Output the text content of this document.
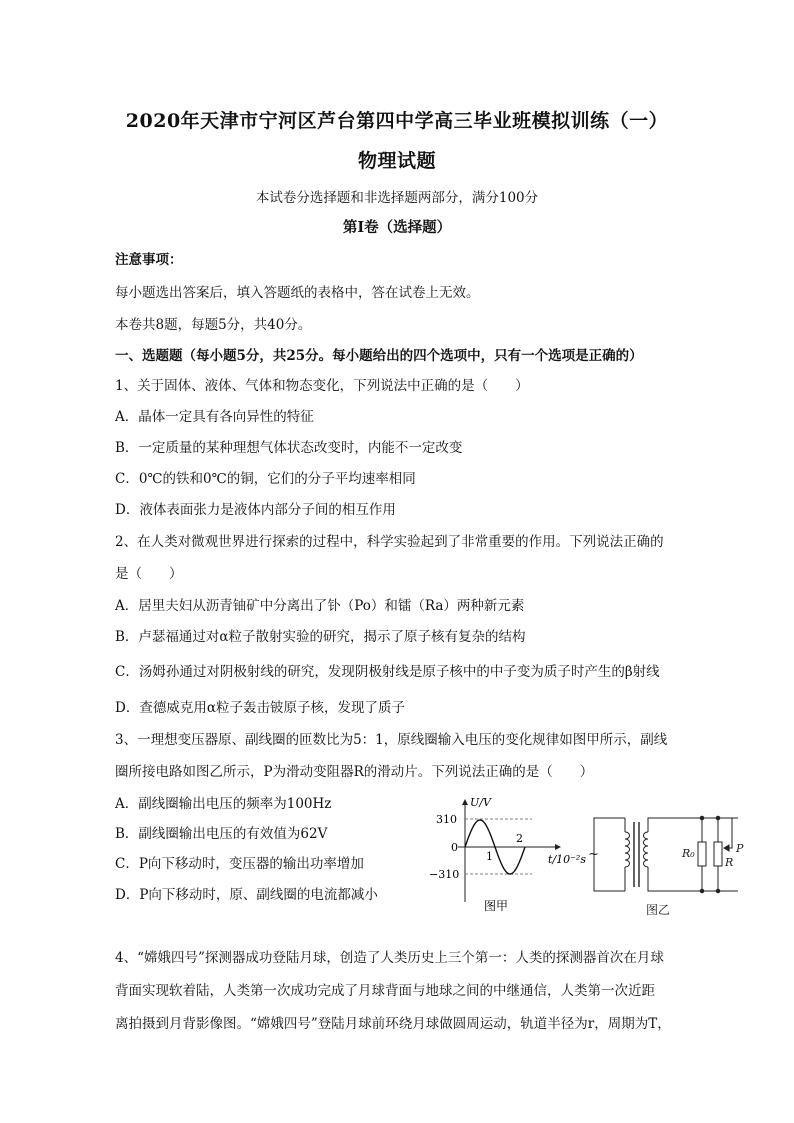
2020年天津市宁河区芦台第四中学高三毕业班模拟训练（一）
物理试题
本试卷分选择题和非选择题两部分，满分100分
第Ⅰ卷（选择题）
注意事项：
每小题选出答案后，填入答题纸的表格中，答在试卷上无效。
本卷共8题，每题5分，共40分。
一、选题题（每小题5分，共25分。每小题给出的四个选项中，只有一个选项是正确的）
1、关于固体、液体、气体和物态变化，下列说法中正确的是（　　）
A．晶体一定具有各向异性的特征
B．一定质量的某种理想气体状态改变时，内能不一定改变
C．0℃的铁和0℃的铜，它们的分子平均速率相同
D．液体表面张力是液体内部分子间的相互作用
2、在人类对微观世界进行探索的过程中，科学实验起到了非常重要的作用。下列说法正确的
是（　　）
A．居里夫妇从沥青铀矿中分离出了钋（Po）和镭（Ra）两种新元素
B．卢瑟福通过对α粒子散射实验的研究，揭示了原子核有复杂的结构
C．汤姆孙通过对阴极射线的研究，发现阴极射线是原子核中的中子变为质子时产生的β射线
D．查德威克用α粒子轰击铍原子核，发现了质子
3、一理想变压器原、副线圈的匝数比为5：1，原线圈输入电压的变化规律如图甲所示，副线
圈所接电路如图乙所示，P为滑动变阻器R的滑动片。下列说法正确的是（　　）
A．副线圈输出电压的频率为100Hz
B．副线圈输出电压的有效值为62V
C．P向下移动时，变压器的输出功率增加
D．P向下移动时，原、副线圈的电流都减小
U/V
310
0
−310
1
2
t/10⁻²s
图甲
~	R₀
R
P
图乙
4、“嫦娥四号”探测器成功登陆月球，创造了人类历史上三个第一：人类的探测器首次在月球
背面实现软着陆，人类第一次成功完成了月球背面与地球之间的中继通信，人类第一次近距
离拍摄到月背影像图。“嫦娥四号”登陆月球前环绕月球做圆周运动，轨道半径为r，周期为T，
